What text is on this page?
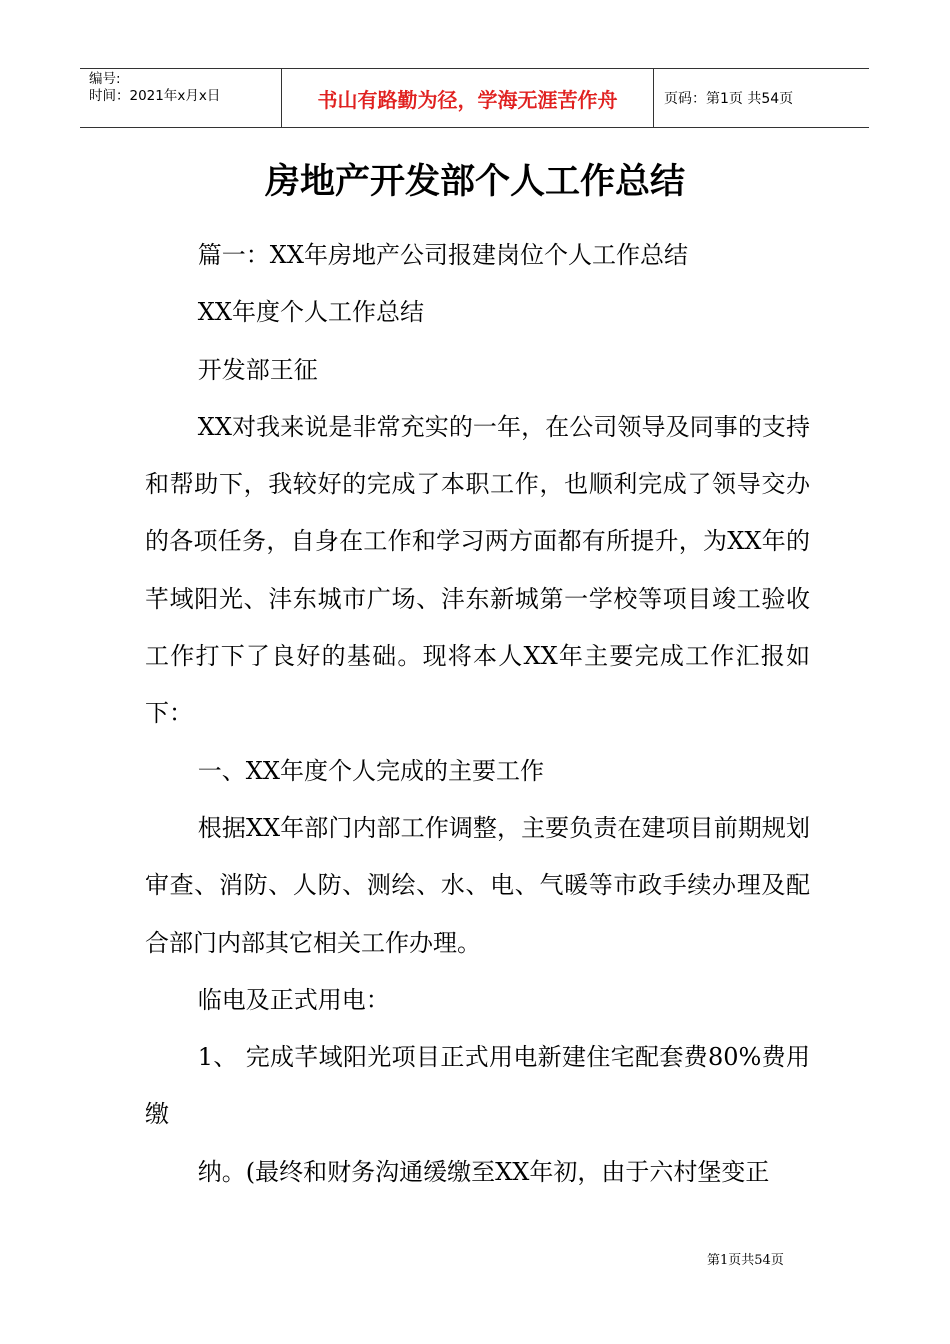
编号:
时间：2021年x月x日	书山有路勤为径，学海无涯苦作舟	页码：第1页 共54页
房地产开发部个人工作总结

篇一：XX年房地产公司报建岗位个人工作总结

XX年度个人工作总结

开发部王征

XX对我来说是非常充实的一年，在公司领导及同事的支持和帮助下，我较好的完成了本职工作，也顺利完成了领导交办的各项任务，自身在工作和学习两方面都有所提升，为XX年的芊域阳光、沣东城市广场、沣东新城第一学校等项目竣工验收工作打下了良好的基础。现将本人XX年主要完成工作汇报如下：

一、XX年度个人完成的主要工作

根据XX年部门内部工作调整，主要负责在建项目前期规划审查、消防、人防、测绘、水、电、气暖等市政手续办理及配合部门内部其它相关工作办理。

临电及正式用电：

1、 完成芊域阳光项目正式用电新建住宅配套费80%费用缴

纳。(最终和财务沟通缓缴至XX年初，由于六村堡变正

第1页共54页
